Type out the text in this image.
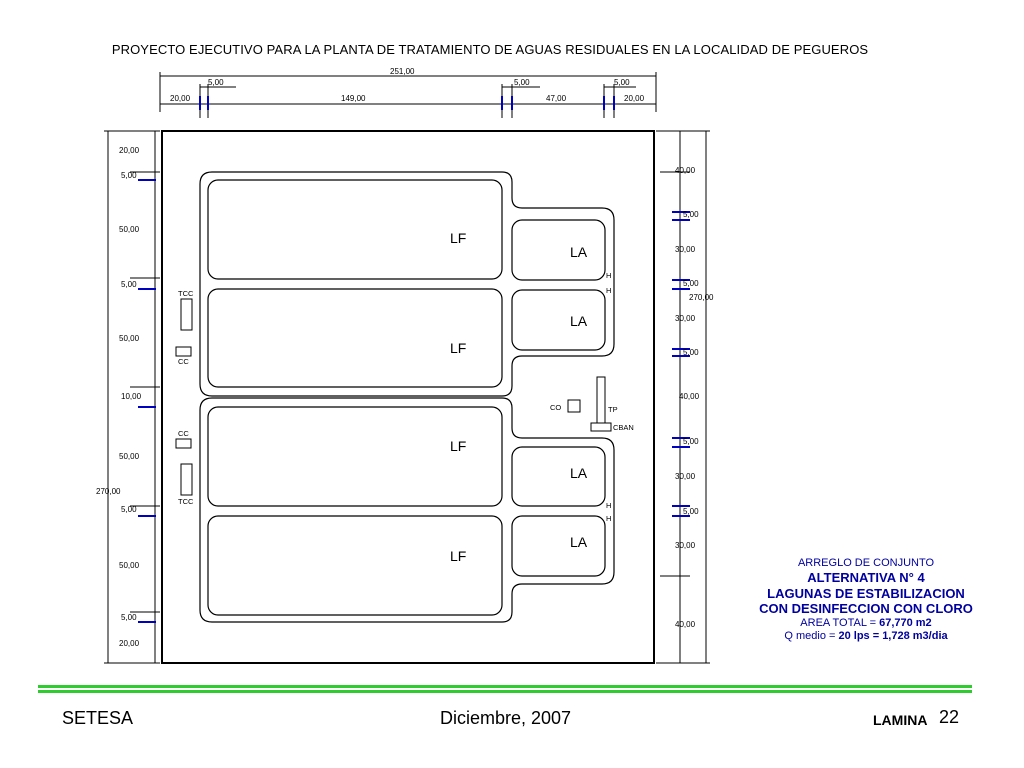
PROYECTO EJECUTIVO PARA LA PLANTA DE TRATAMIENTO DE AGUAS RESIDUALES EN LA LOCALIDAD DE PEGUEROS
LF
LF
LF
LF
LA
LA
LA
LA
H
H
H
H
TCC
CC
CC
TCC
CO	TP
CBAN
251,00
5,00	5,00	5,00
20,00	149,00	47,00	20,00
20,00
5,00
50,00
5,00
50,00
10,00
50,00
5,00
50,00
5,00
20,00
270,00
40,00
5,00
30,00
5,00
30,00
5,00
40,00
5,00
30,00
5,00
30,00
40,00
270,00
ARREGLO DE CONJUNTO
ALTERNATIVA N° 4
LAGUNAS DE ESTABILIZACION
CON DESINFECCION CON CLORO
AREA TOTAL = 67,770 m2
Q medio = 20 lps = 1,728 m3/dia
SETESA	Diciembre, 2007	LAMINA 22
